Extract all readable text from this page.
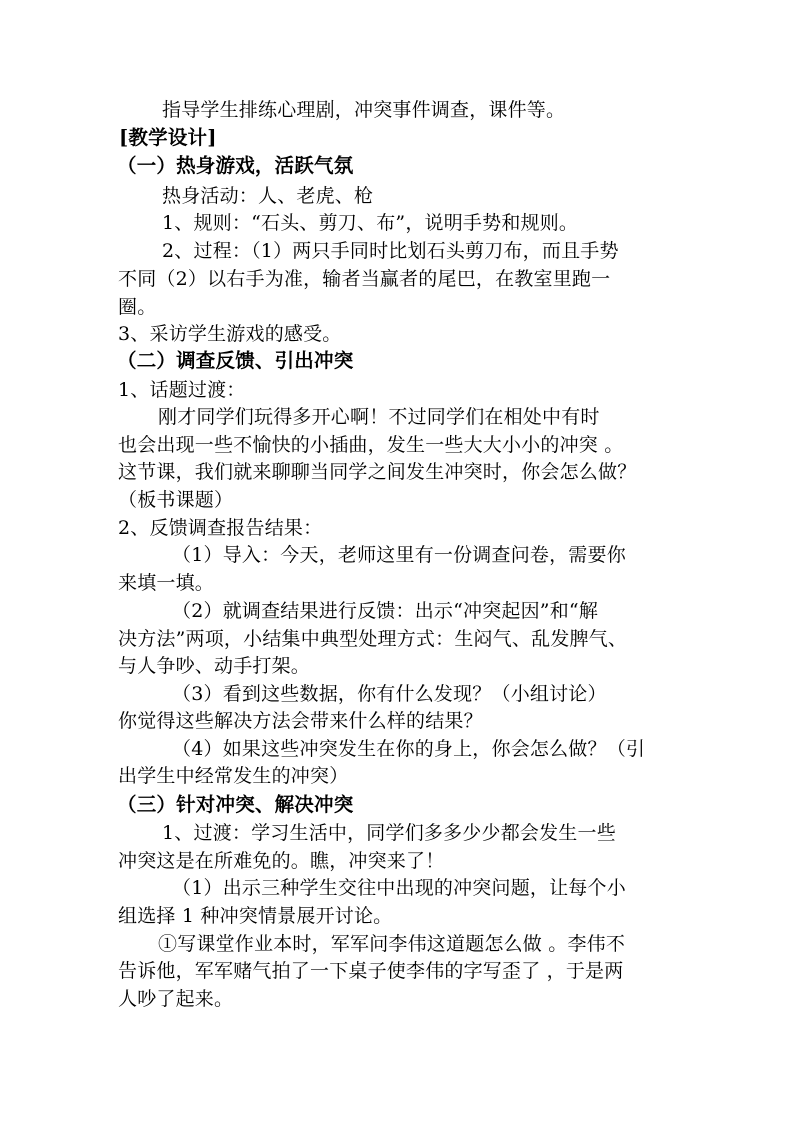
指导学生排练心理剧，冲突事件调查，课件等。
[教学设计]
（一）热身游戏，活跃气氛
热身活动：人、老虎、枪
1、规则：“石头、剪刀、布”，说明手势和规则。
2、过程：（1）两只手同时比划石头剪刀布，而且手势
不同（2）以右手为准，输者当赢者的尾巴，在教室里跑一
圈。
3、采访学生游戏的感受。
（二）调查反馈、引出冲突
1、话题过渡：
刚才同学们玩得多开心啊！不过同学们在相处中有时
也会出现一些不愉快的小插曲，发生一些大大小小的冲突 。
这节课，我们就来聊聊当同学之间发生冲突时，你会怎么做？
（板书课题）
2、反馈调查报告结果：
（1）导入：今天，老师这里有一份调查问卷，需要你
来填一填。
（2）就调查结果进行反馈：出示“冲突起因”和“解
决方法”两项，小结集中典型处理方式：生闷气、乱发脾气、
与人争吵、动手打架。
（3）看到这些数据，你有什么发现？（小组讨论）
你觉得这些解决方法会带来什么样的结果？
（4）如果这些冲突发生在你的身上，你会怎么做？（引
出学生中经常发生的冲突）
（三）针对冲突、解决冲突
1、过渡：学习生活中，同学们多多少少都会发生一些
冲突这是在所难免的。瞧，冲突来了！
（1）出示三种学生交往中出现的冲突问题，让每个小
组选择 1 种冲突情景展开讨论。
①写课堂作业本时，军军问李伟这道题怎么做 。李伟不
告诉他，军军赌气拍了一下桌子使李伟的字写歪了 ，于是两
人吵了起来。
